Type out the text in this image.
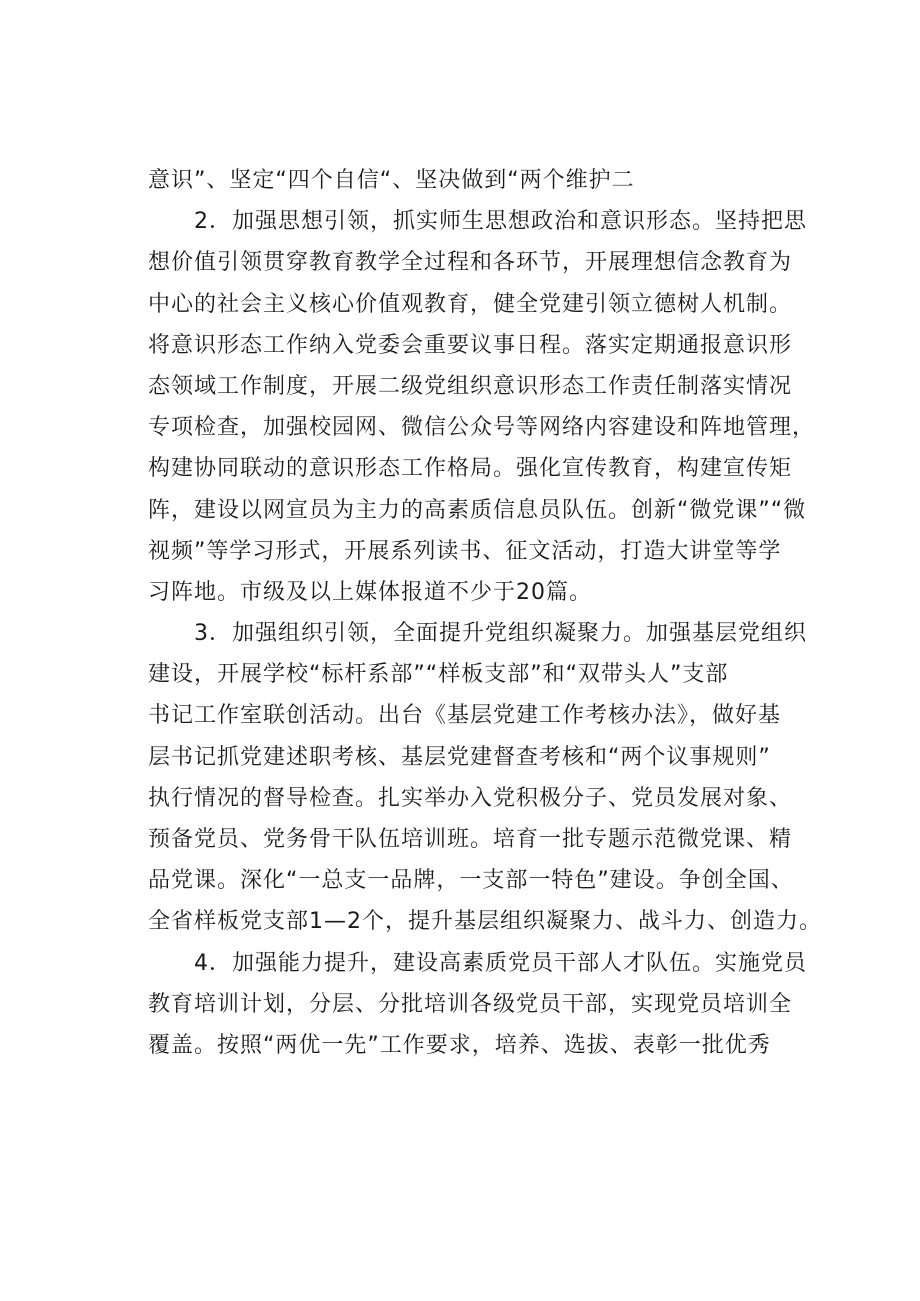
意识”、坚定“四个自信“、坚决做到“两个维护二
2．加强思想引领，抓实师生思想政治和意识形态。坚持把思
想价值引领贯穿教育教学全过程和各环节，开展理想信念教育为
中心的社会主义核心价值观教育，健全党建引领立德树人机制。
将意识形态工作纳入党委会重要议事日程。落实定期通报意识形
态领域工作制度，开展二级党组织意识形态工作责任制落实情况
专项检查，加强校园网、微信公众号等网络内容建设和阵地管理，
构建协同联动的意识形态工作格局。强化宣传教育，构建宣传矩
阵，建设以网宣员为主力的高素质信息员队伍。创新“微党课”“微
视频”等学习形式，开展系列读书、征文活动，打造大讲堂等学
习阵地。市级及以上媒体报道不少于20篇。
3．加强组织引领，全面提升党组织凝聚力。加强基层党组织
建设，开展学校“标杆系部”“样板支部”和“双带头人”支部
书记工作室联创活动。出台《基层党建工作考核办法》，做好基
层书记抓党建述职考核、基层党建督查考核和“两个议事规则”
执行情况的督导检查。扎实举办入党积极分子、党员发展对象、
预备党员、党务骨干队伍培训班。培育一批专题示范微党课、精
品党课。深化“一总支一品牌，一支部一特色”建设。争创全国、
全省样板党支部1—2个，提升基层组织凝聚力、战斗力、创造力。
4．加强能力提升，建设高素质党员干部人才队伍。实施党员
教育培训计划，分层、分批培训各级党员干部，实现党员培训全
覆盖。按照“两优一先”工作要求，培养、选拔、表彰一批优秀
